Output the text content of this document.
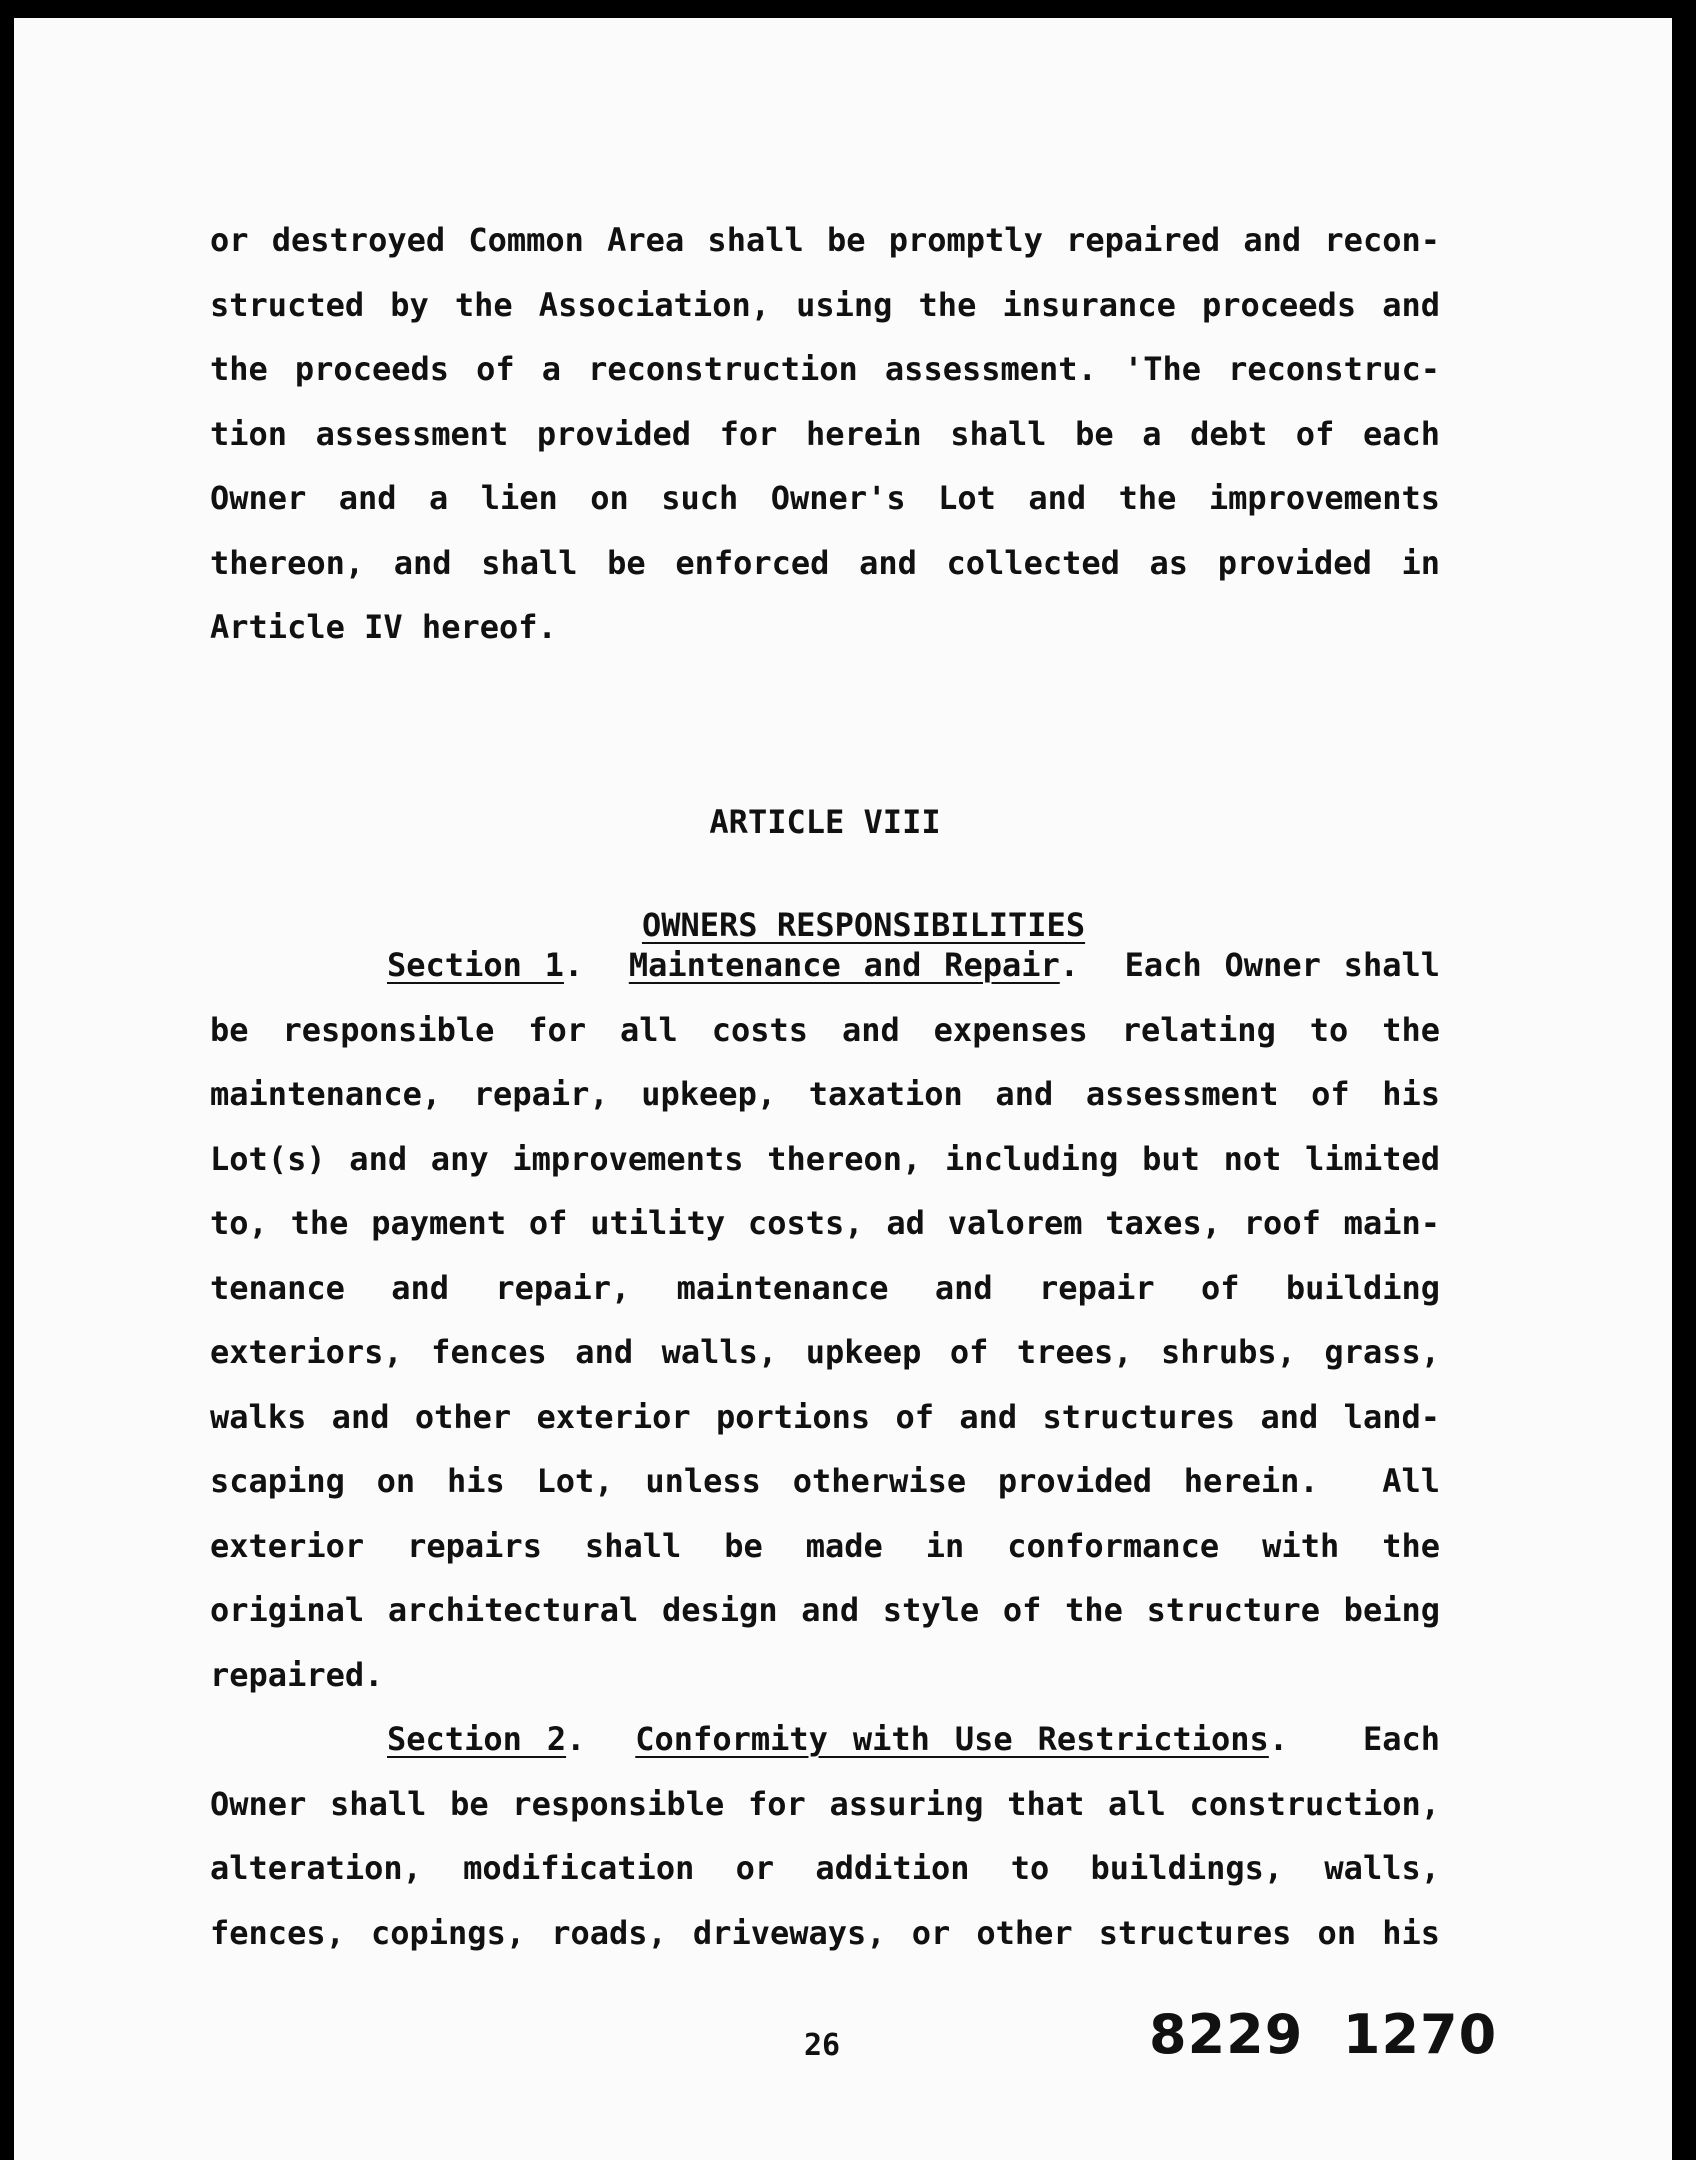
or destroyed Common Area shall be promptly repaired and recon-
structed by the Association, using the insurance proceeds and
the proceeds of a reconstruction assessment. 'The reconstruc-
tion assessment provided for herein shall be a debt of each
Owner and a lien on such Owner's Lot and the improvements
thereon, and shall be enforced and collected as provided in
Article IV hereof.
ARTICLE VIII

OWNERS RESPONSIBILITIES

Section 1.  Maintenance and Repair.  Each Owner shall
be responsible for all costs and expenses relating to the
maintenance, repair, upkeep, taxation and assessment of his
Lot(s) and any improvements thereon, including but not limited
to, the payment of utility costs, ad valorem taxes, roof main-
tenance and repair, maintenance and repair of building
exteriors, fences and walls, upkeep of trees, shrubs, grass,
walks and other exterior portions of and structures and land-
scaping on his Lot, unless otherwise provided herein.  All
exterior repairs shall be made in conformance with the
original architectural design and style of the structure being
repaired.
Section 2.  Conformity with Use Restrictions.   Each
Owner shall be responsible for assuring that all construction,
alteration, modification or addition to buildings, walls,
fences, copings, roads, driveways, or other structures on his
26	8229  1270
